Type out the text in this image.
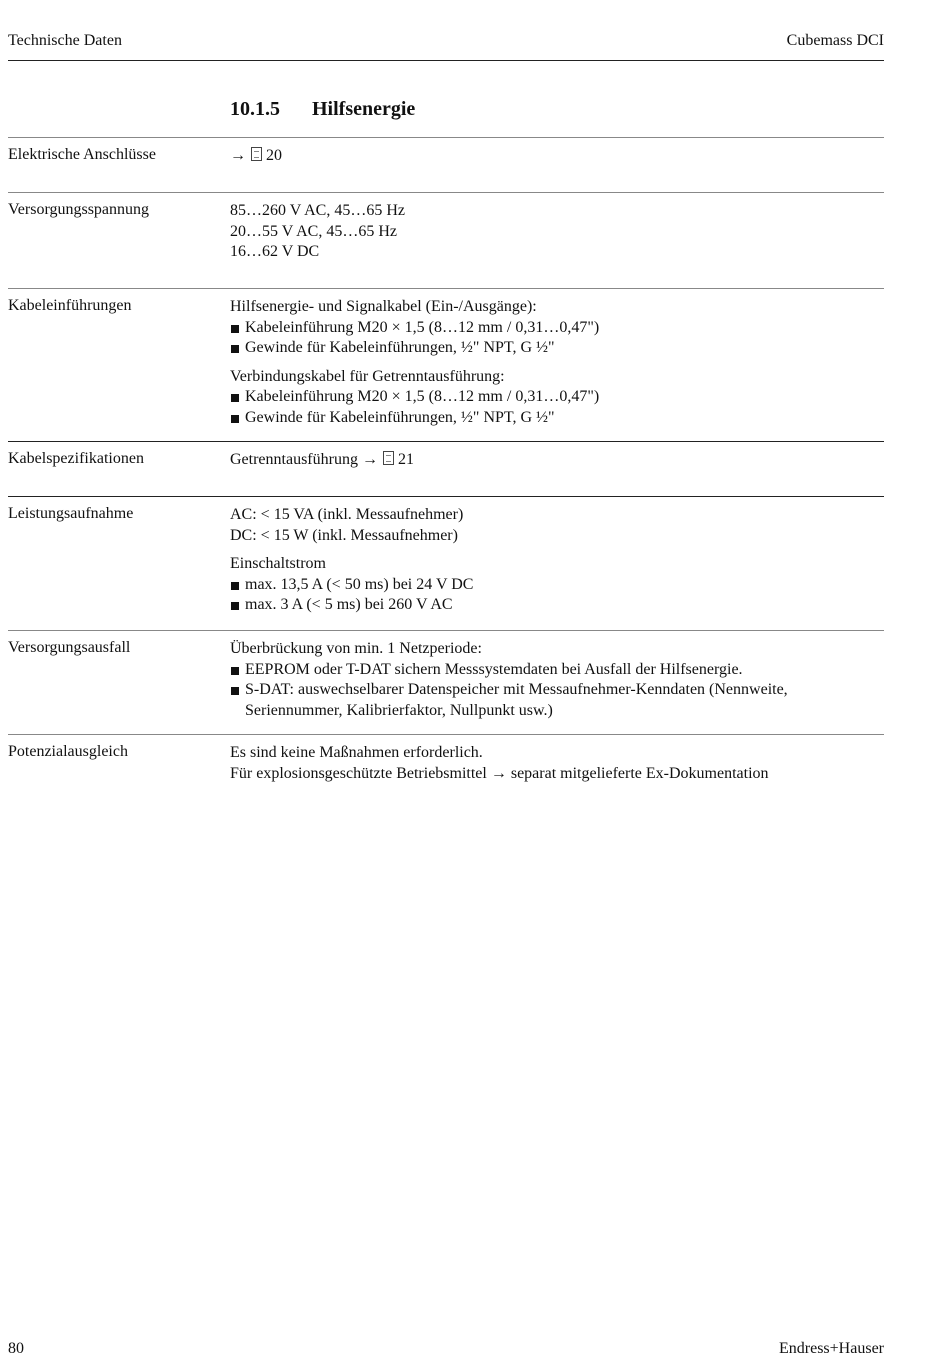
Technische Daten	Cubemass DCI
10.1.5 Hilfsenergie
Elektrische Anschlüsse	→ 20
Versorgungsspannung	85…260 V AC, 45…65 Hz
20…55 V AC, 45…65 Hz
16…62 V DC
Kabeleinführungen	Hilfsenergie- und Signalkabel (Ein-/Ausgänge):
Kabeleinführung M20 × 1,5 (8…12 mm / 0,31…0,47")
Gewinde für Kabeleinführungen, ½" NPT, G ½"
Verbindungskabel für Getrenntausführung:
Kabeleinführung M20 × 1,5 (8…12 mm / 0,31…0,47")
Gewinde für Kabeleinführungen, ½" NPT, G ½"
Kabelspezifikationen	Getrenntausführung → 21
Leistungsaufnahme	AC: < 15 VA (inkl. Messaufnehmer)
DC: < 15 W (inkl. Messaufnehmer)
Einschaltstrom
max. 13,5 A (< 50 ms) bei 24 V DC
max. 3 A (< 5 ms) bei 260 V AC
Versorgungsausfall	Überbrückung von min. 1 Netzperiode:
EEPROM oder T-DAT sichern Messsystemdaten bei Ausfall der Hilfsenergie.
S-DAT: auswechselbarer Datenspeicher mit Messaufnehmer-Kenndaten (Nennweite,
Seriennummer, Kalibrierfaktor, Nullpunkt usw.)
Potenzialausgleich	Es sind keine Maßnahmen erforderlich.
Für explosionsgeschützte Betriebsmittel → separat mitgelieferte Ex-Dokumentation
80	Endress+Hauser
